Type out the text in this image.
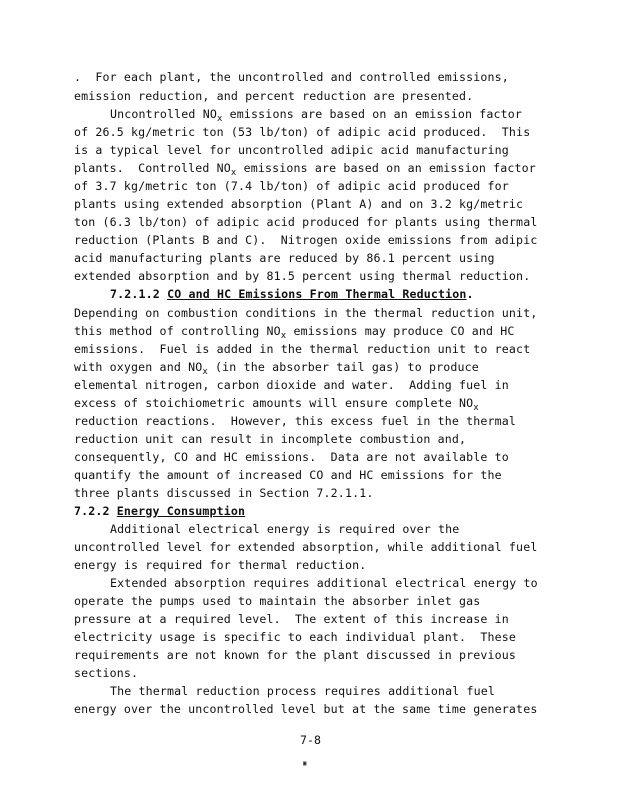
.  For each plant, the uncontrolled and controlled emissions,
emission reduction, and percent reduction are presented.
Uncontrolled $NO_x$ emissions are based on an emission factor
of 26.5 kg/metric ton (53 lb/ton) of adipic acid produced.  This
is a typical level for uncontrolled adipic acid manufacturing
plants.  Controlled $NO_x$ emissions are based on an emission factor
of 3.7 kg/metric ton (7.4 lb/ton) of adipic acid produced for
plants using extended absorption (Plant A) and on 3.2 kg/metric
ton (6.3 lb/ton) of adipic acid produced for plants using thermal
reduction (Plants B and C).  Nitrogen oxide emissions from adipic
acid manufacturing plants are reduced by 86.1 percent using
extended absorption and by 81.5 percent using thermal reduction.
7.2.1.2 CO and HC Emissions From Thermal Reduction.
Depending on combustion conditions in the thermal reduction unit,
this method of controlling $NO_x$ emissions may produce CO and HC
emissions.  Fuel is added in the thermal reduction unit to react
with oxygen and $NO_x$ (in the absorber tail gas) to produce
elemental nitrogen, carbon dioxide and water.  Adding fuel in
excess of stoichiometric amounts will ensure complete $NO_x$
reduction reactions.  However, this excess fuel in the thermal
reduction unit can result in incomplete combustion and,
consequently, CO and HC emissions.  Data are not available to
quantify the amount of increased CO and HC emissions for the
three plants discussed in Section 7.2.1.1.
7.2.2 Energy Consumption
Additional electrical energy is required over the
uncontrolled level for extended absorption, while additional fuel
energy is required for thermal reduction.
Extended absorption requires additional electrical energy to
operate the pumps used to maintain the absorber inlet gas
pressure at a required level.  The extent of this increase in
electricity usage is specific to each individual plant.  These
requirements are not known for the plant discussed in previous
sections.
The thermal reduction process requires additional fuel
energy over the uncontrolled level but at the same time generates
7-8
▣
